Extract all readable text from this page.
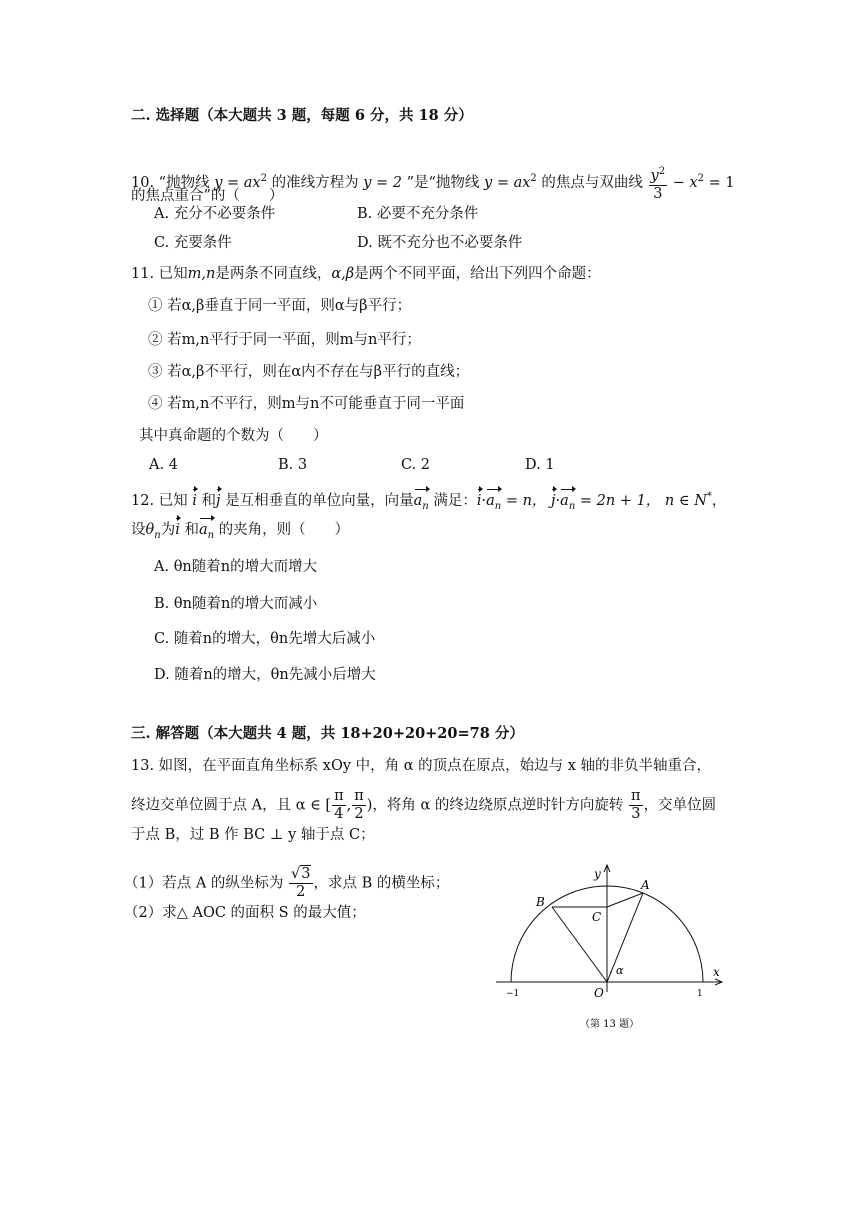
二. 选择题（本大题共 3 题，每题 6 分，共 18 分）
10. “抛物线 $y = ax^2$ 的准线方程为 y = 2 ”是“抛物线 $y = ax^2$ 的焦点与双曲线 $\frac{y^2}{3} - x^2 = 1$
的焦点重合”的（　　）
A. 充分不必要条件	B. 必要不充分条件
C. 充要条件	D. 既不充分也不必要条件
11. 已知m,n是两条不同直线，α,β是两个不同平面，给出下列四个命题：
① 若α,β垂直于同一平面，则α与β平行；
② 若m,n平行于同一平面，则m与n平行；
③ 若α,β不平行，则在α内不存在与β平行的直线；
④ 若m,n不平行，则m与n不可能垂直于同一平面
其中真命题的个数为（　　）
A. 4	B. 3	C. 2	D. 1
12. 已知 i 和j 是互相垂直的单位向量，向量$a_n$ 满足：$i\cdot a_n = n$， $j\cdot a_n = 2n + 1$， n ∈ N*，
设$\theta_n$为i 和$a_n$ 的夹角，则（　　）
A. θn随着n的增大而增大
B. θn随着n的增大而减小
C. 随着n的增大，θn先增大后减小
D. 随着n的增大，θn先减小后增大
三. 解答题（本大题共 4 题，共 18+20+20+20=78 分）
13. 如图，在平面直角坐标系 xOy 中，角 α 的顶点在原点，始边与 x 轴的非负半轴重合，
终边交单位圆于点 A，且 α ∈ [ $\frac{\pi}{4}$ , $\frac{\pi}{2}$ )，将角 α 的终边绕原点逆时针方向旋转 $\frac{\pi}{3}$ ，交单位圆
于点 B，过 B 作 BC ⊥ y 轴于点 C；
（1）若点 A 的纵坐标为 $\frac{√3}{2}$ ，求点 B 的横坐标；
（2）求△ AOC 的面积 S 的最大值；
y
x
A
B
C
O
α
−1	1
（第 13 题）
